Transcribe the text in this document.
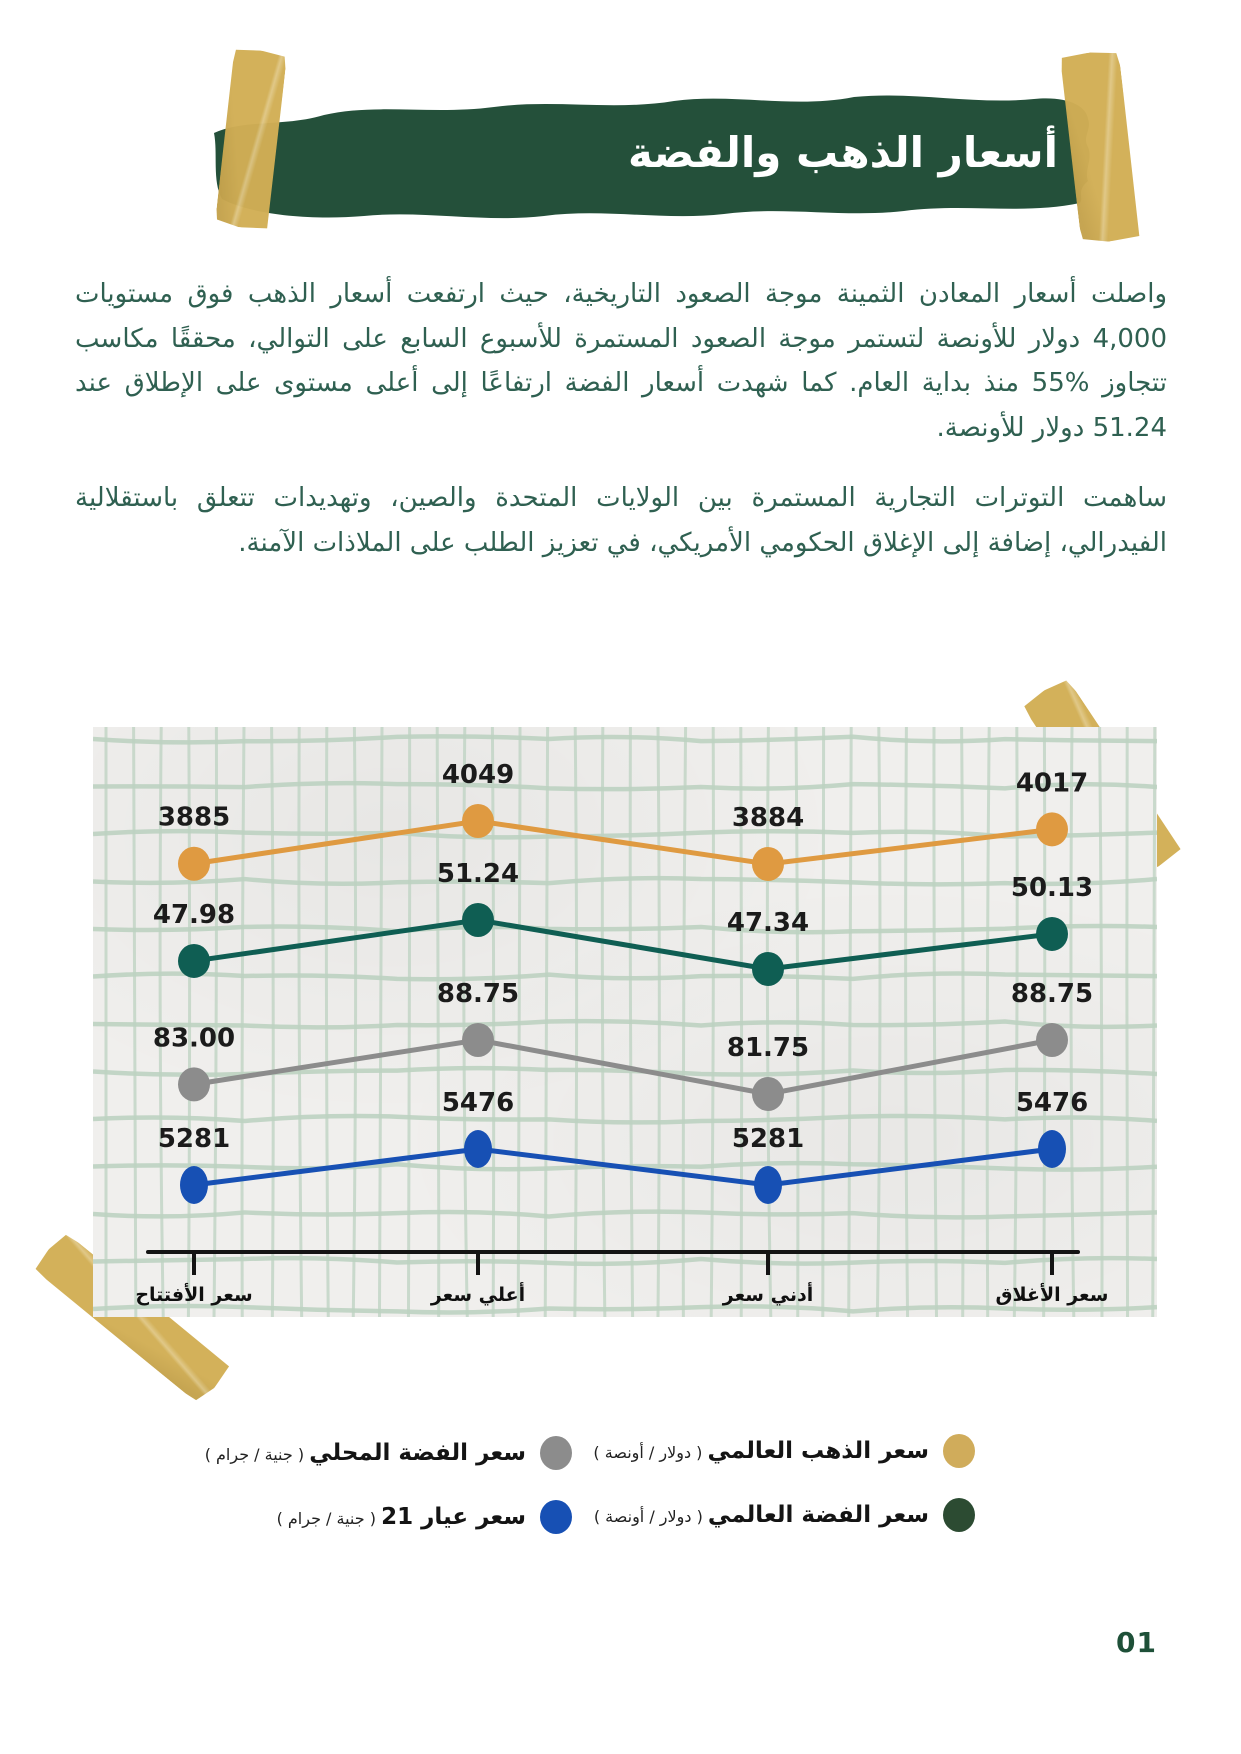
أسعار الذهب والفضة

واصلت أسعار المعادن الثمينة موجة الصعود التاريخية، حيث ارتفعت أسعار الذهب فوق مستويات 4,000 دولار للأونصة لتستمر موجة الصعود المستمرة للأسبوع السابع على التوالي، محققًا مكاسب تتجاوز %55 منذ بداية العام. كما شهدت أسعار الفضة ارتفاعًا إلى أعلى مستوى على الإطلاق عند 51.24 دولار للأونصة.

ساهمت التوترات التجارية المستمرة بين الولايات المتحدة والصين، وتهديدات تتعلق باستقلالية الفيدرالي، إضافة إلى الإغلاق الحكومي الأمريكي، في تعزيز الطلب على الملاذات الآمنة.

3885
4049
3884
4017
47.98
51.24
47.34
50.13
83.00
88.75
81.75
88.75
5281
5476
5281
5476
سعر الأفتتاح	أعلي سعر	أدني سعر	سعر الأغلاق
سعر الذهب العالمي ( دولار / أونصة )
سعر الفضة العالمي ( دولار / أونصة )
سعر الفضة المحلي ( جنية / جرام )
سعر عيار 21 ( جنية / جرام )
01
